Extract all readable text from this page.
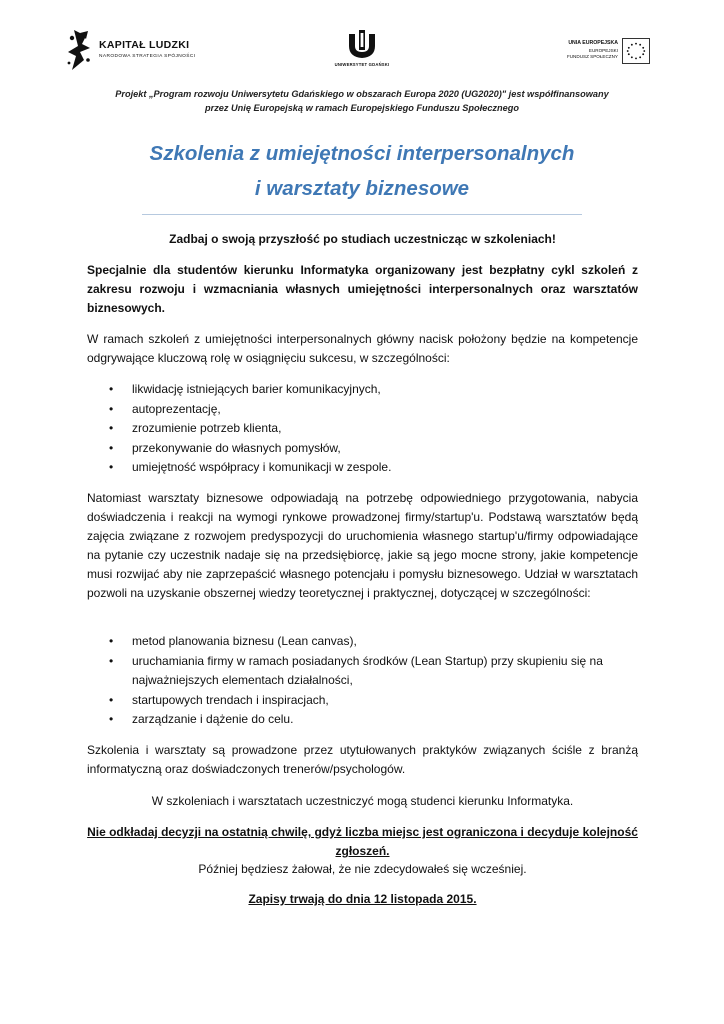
KAPITAŁ LUDZKI
NARODOWA STRATEGIA SPÓJNOŚCI
UNIWERSYTET GDAŃSKI
UNIA EUROPEJSKA
EUROPEJSKI
FUNDUSZ SPOŁECZNY
Projekt „Program rozwoju Uniwersytetu Gdańskiego w obszarach Europa 2020 (UG2020)" jest współfinansowany
przez Unię Europejską w ramach Europejskiego Funduszu Społecznego
Szkolenia z umiejętności interpersonalnych
i warsztaty biznesowe
Zadbaj o swoją przyszłość po studiach uczestnicząc w szkoleniach!
Specjalnie dla studentów kierunku Informatyka organizowany jest bezpłatny cykl szkoleń z zakresu rozwoju i wzmacniania własnych umiejętności interpersonalnych oraz warsztatów biznesowych.
W ramach szkoleń z umiejętności interpersonalnych główny nacisk położony będzie na kompetencje odgrywające kluczową rolę w osiągnięciu sukcesu, w szczególności:
• likwidację istniejących barier komunikacyjnych,
• autoprezentację,
• zrozumienie potrzeb klienta,
• przekonywanie do własnych pomysłów,
• umiejętność współpracy i komunikacji w zespole.
Natomiast warsztaty biznesowe odpowiadają na potrzebę odpowiedniego przygotowania, nabycia doświadczenia i reakcji na wymogi rynkowe prowadzonej firmy/startup'u. Podstawą warsztatów będą zajęcia związane z rozwojem predyspozycji do uruchomienia własnego startup'u/firmy odpowiadające na pytanie czy uczestnik nadaje się na przedsiębiorcę, jakie są jego mocne strony, jakie kompetencje musi rozwijać aby nie zaprzepaścić własnego potencjału i pomysłu biznesowego. Udział w warsztatach pozwoli na uzyskanie obszernej wiedzy teoretycznej i praktycznej, dotyczącej w szczególności:
• metod planowania biznesu (Lean canvas),
• uruchamiania firmy w ramach posiadanych środków (Lean Startup) przy skupieniu się na najważniejszych elementach działalności,
• startupowych trendach i inspiracjach,
• zarządzanie i dążenie do celu.
Szkolenia i warsztaty są prowadzone przez utytułowanych praktyków związanych ściśle z branżą informatyczną oraz doświadczonych trenerów/psychologów.
W szkoleniach i warsztatach uczestniczyć mogą studenci kierunku Informatyka.
Nie odkładaj decyzji na ostatnią chwilę, gdyż liczba miejsc jest ograniczona i decyduje kolejność zgłoszeń.
Później będziesz żałował, że nie zdecydowałeś się wcześniej.
Zapisy trwają do dnia 12 listopada 2015.
